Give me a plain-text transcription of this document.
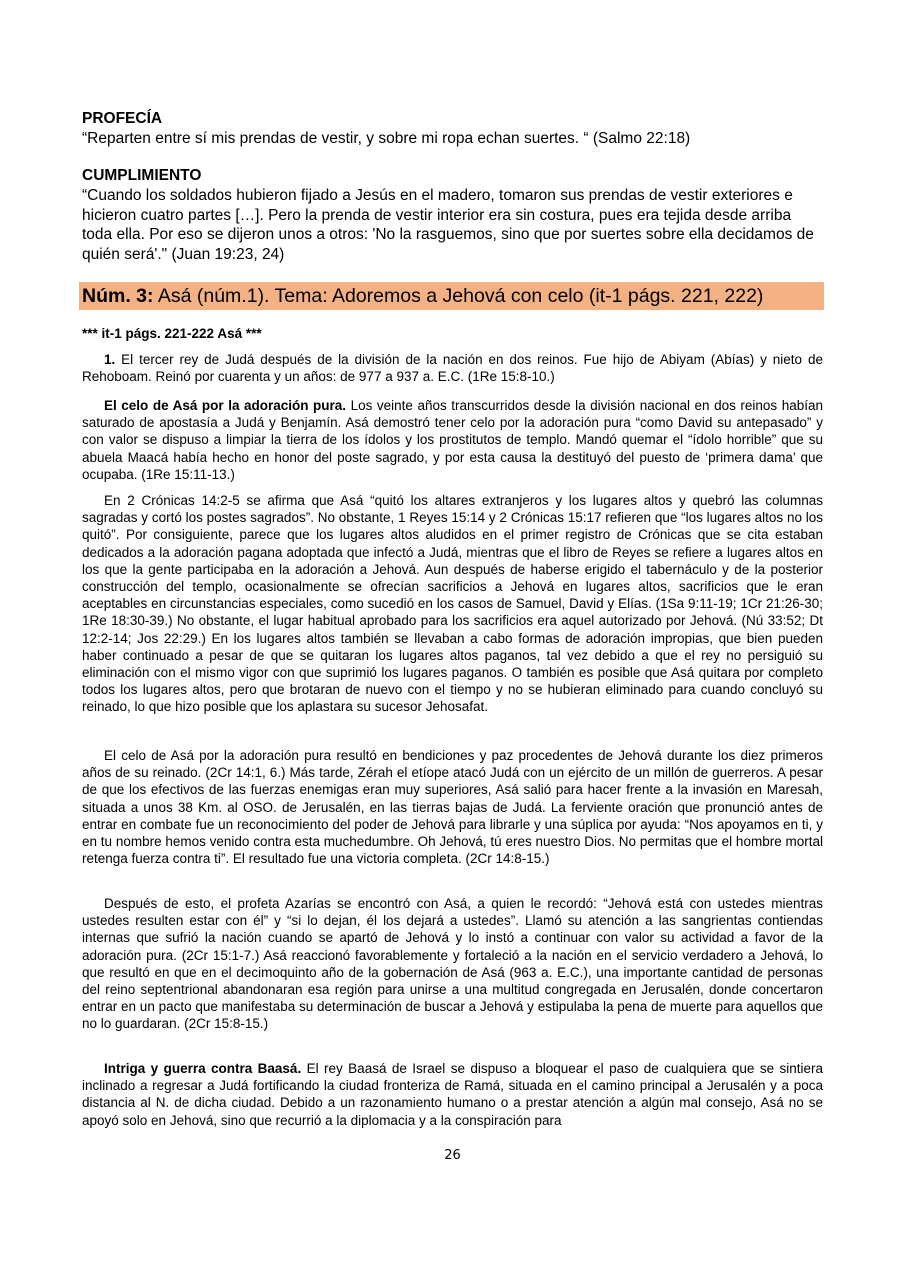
PROFECÍA
“Reparten entre sí mis prendas de vestir, y sobre mi ropa echan suertes. “ (Salmo 22:18)
CUMPLIMIENTO
“Cuando los soldados hubieron fijado a Jesús en el madero, tomaron sus prendas de vestir exteriores e hicieron cuatro partes […]. Pero la prenda de vestir interior era sin costura, pues era tejida desde arriba toda ella. Por eso se dijeron unos a otros: 'No la rasguemos, sino que por suertes sobre ella decidamos de quién será'." (Juan 19:23, 24)
Núm. 3: Asá (núm.1). Tema: Adoremos a Jehová con celo (it-1 págs. 221, 222)
*** it-1 págs. 221-222 Asá ***

1. El tercer rey de Judá después de la división de la nación en dos reinos. Fue hijo de Abiyam (Abías) y nieto de Rehoboam. Reinó por cuarenta y un años: de 977 a 937 a. E.C. (1Re 15:8-10.)

El celo de Asá por la adoración pura. Los veinte años transcurridos desde la división nacional en dos reinos habían saturado de apostasía a Judá y Benjamín. Asá demostró tener celo por la adoración pura “como David su antepasado” y con valor se dispuso a limpiar la tierra de los ídolos y los prostitutos de templo. Mandó quemar el “ídolo horrible” que su abuela Maacá había hecho en honor del poste sagrado, y por esta causa la destituyó del puesto de ‘primera dama’ que ocupaba. (1Re 15:11-13.)

En 2 Crónicas 14:2-5 se afirma que Asá “quitó los altares extranjeros y los lugares altos y quebró las columnas sagradas y cortó los postes sagrados”. No obstante, 1 Reyes 15:14 y 2 Crónicas 15:17 refieren que “los lugares altos no los quitó”. Por consiguiente, parece que los lugares altos aludidos en el primer registro de Crónicas que se cita estaban dedicados a la adoración pagana adoptada que infectó a Judá, mientras que el libro de Reyes se refiere a lugares altos en los que la gente participaba en la adoración a Jehová. Aun después de haberse erigido el tabernáculo y de la posterior construcción del templo, ocasionalmente se ofrecían sacrificios a Jehová en lugares altos, sacrificios que le eran aceptables en circunstancias especiales, como sucedió en los casos de Samuel, David y Elías. (1Sa 9:11-19; 1Cr 21:26-30; 1Re 18:30-39.) No obstante, el lugar habitual aprobado para los sacrificios era aquel autorizado por Jehová. (Nú 33:52; Dt 12:2-14; Jos 22:29.) En los lugares altos también se llevaban a cabo formas de adoración impropias, que bien pueden haber continuado a pesar de que se quitaran los lugares altos paganos, tal vez debido a que el rey no persiguió su eliminación con el mismo vigor con que suprimió los lugares paganos. O también es posible que Asá quitara por completo todos los lugares altos, pero que brotaran de nuevo con el tiempo y no se hubieran eliminado para cuando concluyó su reinado, lo que hizo posible que los aplastara su sucesor Jehosafat.

El celo de Asá por la adoración pura resultó en bendiciones y paz procedentes de Jehová durante los diez primeros años de su reinado. (2Cr 14:1, 6.) Más tarde, Zérah el etíope atacó Judá con un ejército de un millón de guerreros. A pesar de que los efectivos de las fuerzas enemigas eran muy superiores, Asá salió para hacer frente a la invasión en Maresah, situada a unos 38 Km. al OSO. de Jerusalén, en las tierras bajas de Judá. La ferviente oración que pronunció antes de entrar en combate fue un reconocimiento del poder de Jehová para librarle y una súplica por ayuda: “Nos apoyamos en ti, y en tu nombre hemos venido contra esta muchedumbre. Oh Jehová, tú eres nuestro Dios. No permitas que el hombre mortal retenga fuerza contra ti”. El resultado fue una victoria completa. (2Cr 14:8-15.)

Después de esto, el profeta Azarías se encontró con Asá, a quien le recordó: “Jehová está con ustedes mientras ustedes resulten estar con él” y “si lo dejan, él los dejará a ustedes”. Llamó su atención a las sangrientas contiendas internas que sufrió la nación cuando se apartó de Jehová y lo instó a continuar con valor su actividad a favor de la adoración pura. (2Cr 15:1-7.) Asá reaccionó favorablemente y fortaleció a la nación en el servicio verdadero a Jehová, lo que resultó en que en el decimoquinto año de la gobernación de Asá (963 a. E.C.), una importante cantidad de personas del reino septentrional abandonaran esa región para unirse a una multitud congregada en Jerusalén, donde concertaron entrar en un pacto que manifestaba su determinación de buscar a Jehová y estipulaba la pena de muerte para aquellos que no lo guardaran. (2Cr 15:8-15.)

Intriga y guerra contra Baasá. El rey Baasá de Israel se dispuso a bloquear el paso de cualquiera que se sintiera inclinado a regresar a Judá fortificando la ciudad fronteriza de Ramá, situada en el camino principal a Jerusalén y a poca distancia al N. de dicha ciudad. Debido a un razonamiento humano o a prestar atención a algún mal consejo, Asá no se apoyó solo en Jehová, sino que recurrió a la diplomacia y a la conspiración para

26
